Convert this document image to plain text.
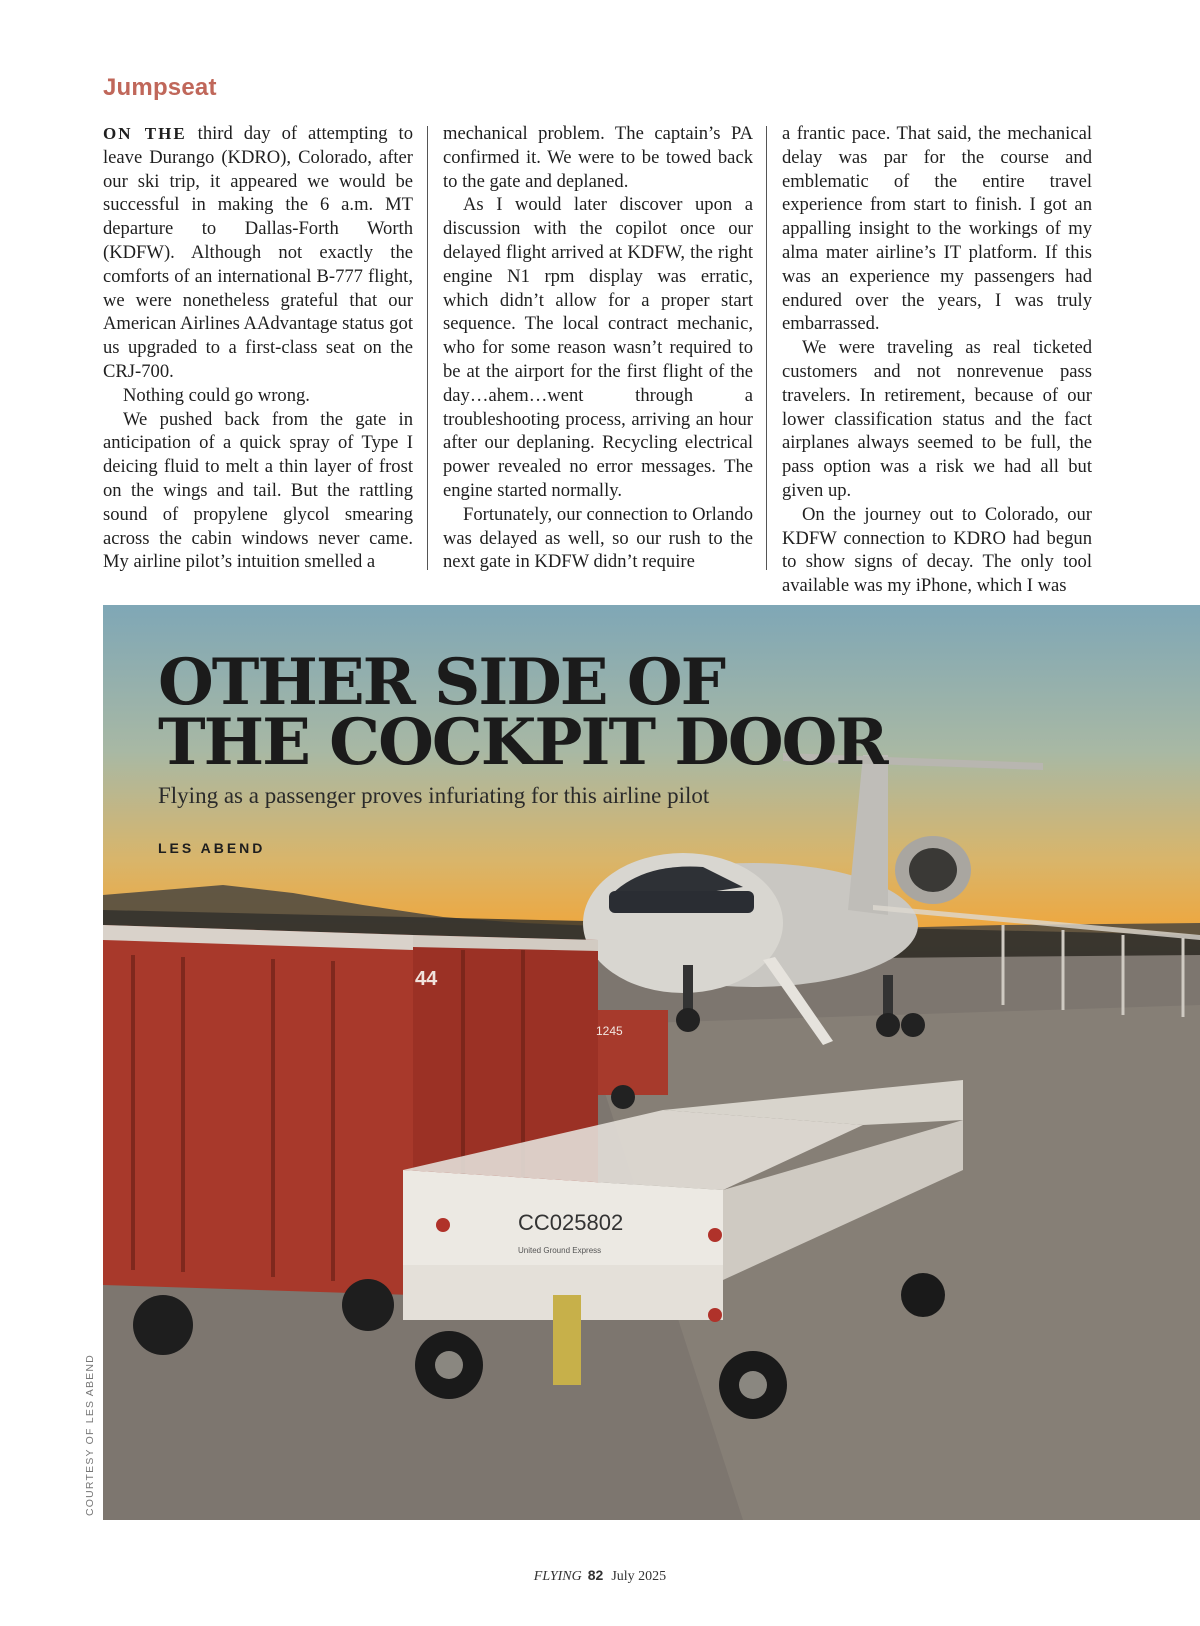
Jumpseat

ON THE third day of attempting to leave Durango (KDRO), Colorado, after our ski trip, it appeared we would be successful in making the 6 a.m. MT departure to Dallas-Forth Worth (KDFW). Although not exactly the comforts of an international B-777 flight, we were nonetheless grateful that our American Airlines AAdvantage status got us upgraded to a first-class seat on the CRJ-700.

Nothing could go wrong.

We pushed back from the gate in anticipation of a quick spray of Type I deicing fluid to melt a thin layer of frost on the wings and tail. But the rattling sound of propylene glycol smearing across the cabin windows never came. My airline pilot’s intuition smelled a

mechanical problem. The captain’s PA confirmed it. We were to be towed back to the gate and deplaned.

As I would later discover upon a discussion with the copilot once our delayed flight arrived at KDFW, the right engine N1 rpm display was erratic, which didn’t allow for a proper start sequence. The local contract mechanic, who for some reason wasn’t required to be at the airport for the first flight of the day…ahem…went through a troubleshooting process, arriving an hour after our deplaning. Recycling electrical power revealed no error messages. The engine started normally.

Fortunately, our connection to Orlando was delayed as well, so our rush to the next gate in KDFW didn’t require

a frantic pace. That said, the mechanical delay was par for the course and emblematic of the entire travel experience from start to finish. I got an appalling insight to the workings of my alma mater airline’s IT platform. If this was an experience my passengers had endured over the years, I was truly embarrassed.

We were traveling as real ticketed customers and not nonrevenue pass travelers. In retirement, because of our lower classification status and the fact airplanes always seemed to be full, the pass option was a risk we had all but given up.

On the journey out to Colorado, our KDFW connection to KDRO had begun to show signs of decay. The only tool available was my iPhone, which I was

CC025802
United Ground Express
1245
44
OTHER SIDE OF
THE COCKPIT DOOR
Flying as a passenger proves infuriating for this airline pilot
LES ABEND
COURTESY OF LES ABEND
FLYING 82 July 2025
